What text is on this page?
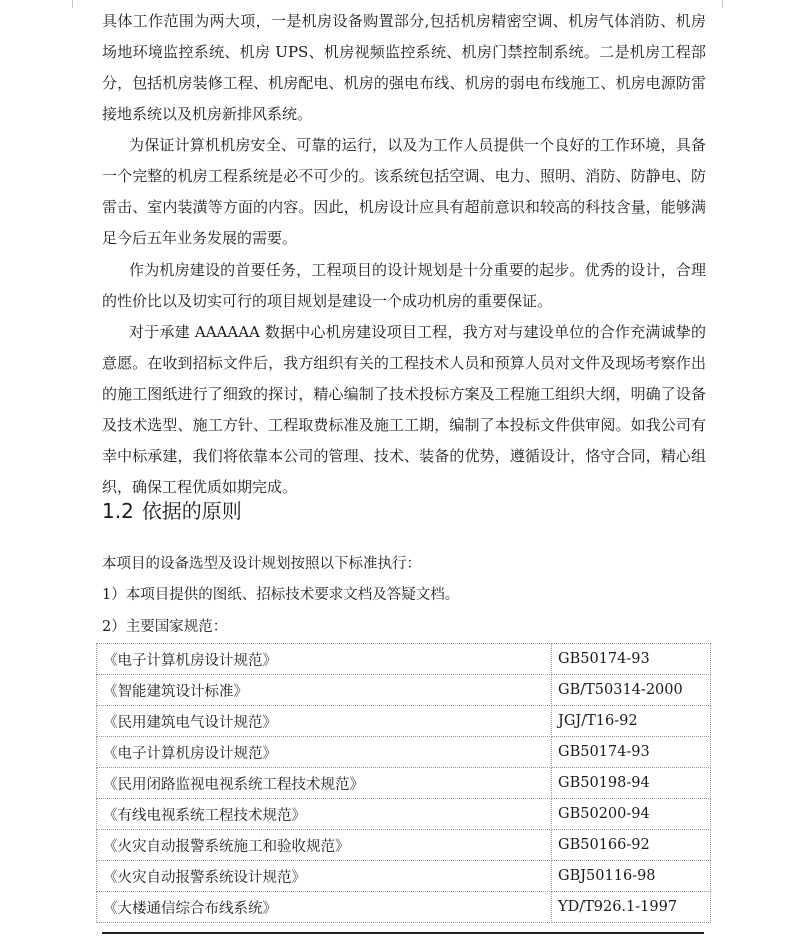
具体工作范围为两大项，一是机房设备购置部分,包括机房精密空调、机房气体消防、机房场地环境监控系统、机房 UPS、机房视频监控系统、机房门禁控制系统。二是机房工程部分，包括机房装修工程、机房配电、机房的强电布线、机房的弱电布线施工、机房电源防雷接地系统以及机房新排风系统。

为保证计算机机房安全、可靠的运行，以及为工作人员提供一个良好的工作环境，具备一个完整的机房工程系统是必不可少的。该系统包括空调、电力、照明、消防、防静电、防雷击、室内装潢等方面的内容。因此，机房设计应具有超前意识和较高的科技含量，能够满足今后五年业务发展的需要。

作为机房建设的首要任务，工程项目的设计规划是十分重要的起步。优秀的设计，合理的性价比以及切实可行的项目规划是建设一个成功机房的重要保证。

对于承建 AAAAAA 数据中心机房建设项目工程，我方对与建设单位的合作充满诚挚的意愿。在收到招标文件后，我方组织有关的工程技术人员和预算人员对文件及现场考察作出的施工图纸进行了细致的探讨，精心编制了技术投标方案及工程施工组织大纲，明确了设备及技术选型、施工方针、工程取费标准及施工工期，编制了本投标文件供审阅。如我公司有幸中标承建，我们将依靠本公司的管理、技术、装备的优势，遵循设计，恪守合同，精心组织，确保工程优质如期完成。

1.2 依据的原则

本项目的设备选型及设计规划按照以下标准执行：

1）本项目提供的图纸、招标技术要求文档及答疑文档。

2）主要国家规范：

《电子计算机房设计规范》	GB50174-93
《智能建筑设计标准》	GB/T50314-2000
《民用建筑电气设计规范》	JGJ/T16-92
《电子计算机房设计规范》	GB50174-93
《民用闭路监视电视系统工程技术规范》	GB50198-94
《有线电视系统工程技术规范》	GB50200-94
《火灾自动报警系统施工和验收规范》	GB50166-92
《火灾自动报警系统设计规范》	GBJ50116-98
《大楼通信综合布线系统》	YD/T926.1-1997
